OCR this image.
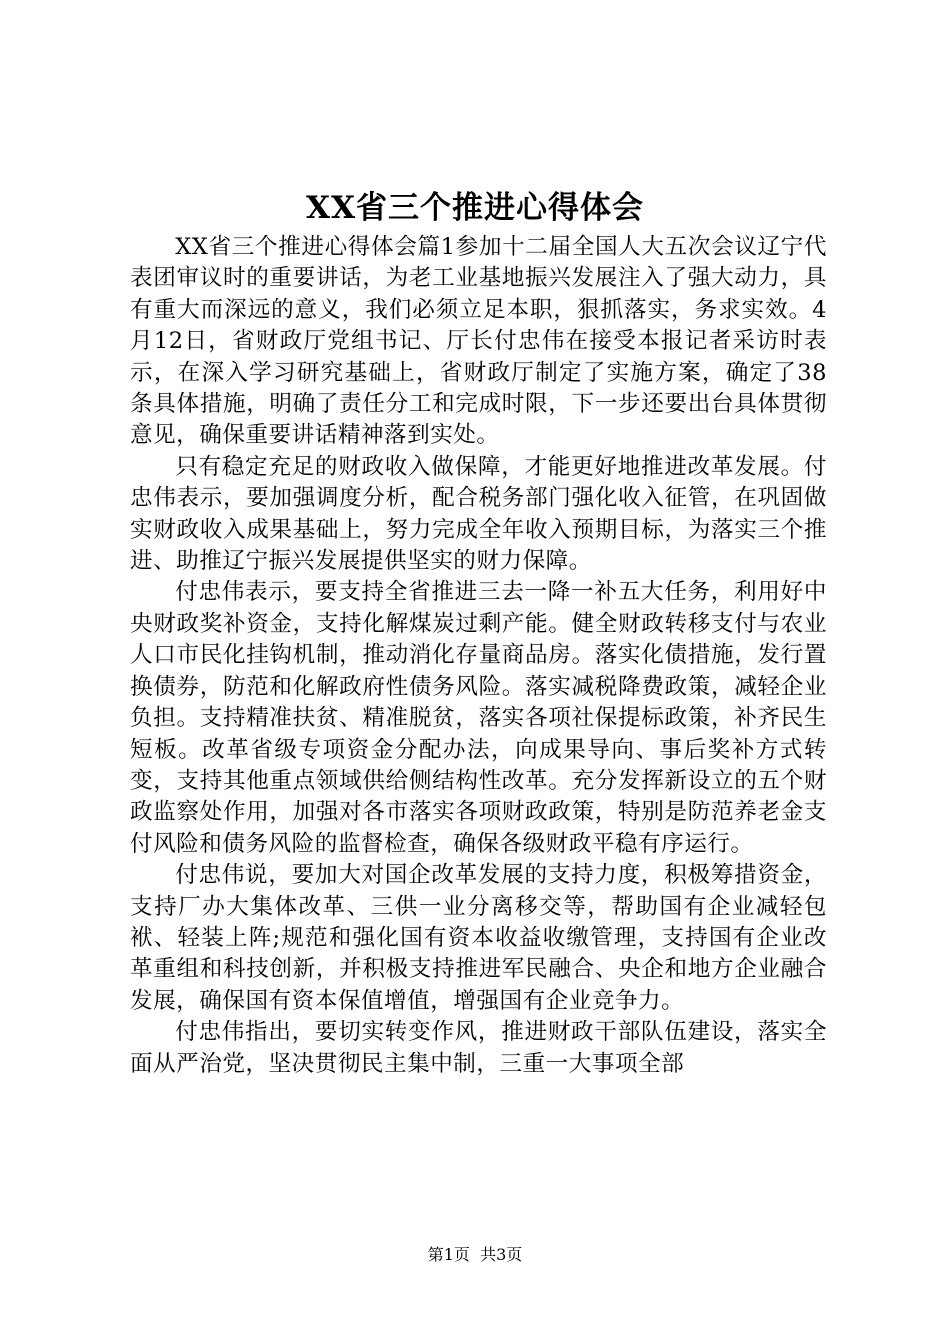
XX省三个推进心得体会

XX省三个推进心得体会篇1参加十二届全国人大五次会议辽宁代表团审议时的重要讲话，为老工业基地振兴发展注入了强大动力，具有重大而深远的意义，我们必须立足本职，狠抓落实，务求实效。4月12日，省财政厅党组书记、厅长付忠伟在接受本报记者采访时表示，在深入学习研究基础上，省财政厅制定了实施方案，确定了38条具体措施，明确了责任分工和完成时限，下一步还要出台具体贯彻意见，确保重要讲话精神落到实处。

只有稳定充足的财政收入做保障，才能更好地推进改革发展。付忠伟表示，要加强调度分析，配合税务部门强化收入征管，在巩固做实财政收入成果基础上，努力完成全年收入预期目标，为落实三个推进、助推辽宁振兴发展提供坚实的财力保障。

付忠伟表示，要支持全省推进三去一降一补五大任务，利用好中央财政奖补资金，支持化解煤炭过剩产能。健全财政转移支付与农业人口市民化挂钩机制，推动消化存量商品房。落实化债措施，发行置换债券，防范和化解政府性债务风险。落实减税降费政策，减轻企业负担。支持精准扶贫、精准脱贫，落实各项社保提标政策，补齐民生短板。改革省级专项资金分配办法，向成果导向、事后奖补方式转变，支持其他重点领域供给侧结构性改革。充分发挥新设立的五个财政监察处作用，加强对各市落实各项财政政策，特别是防范养老金支付风险和债务风险的监督检查，确保各级财政平稳有序运行。

付忠伟说，要加大对国企改革发展的支持力度，积极筹措资金，支持厂办大集体改革、三供一业分离移交等，帮助国有企业减轻包袱、轻装上阵;规范和强化国有资本收益收缴管理，支持国有企业改革重组和科技创新，并积极支持推进军民融合、央企和地方企业融合发展，确保国有资本保值增值，增强国有企业竞争力。

付忠伟指出，要切实转变作风，推进财政干部队伍建设，落实全面从严治党，坚决贯彻民主集中制，三重一大事项全部

第1页 共3页
